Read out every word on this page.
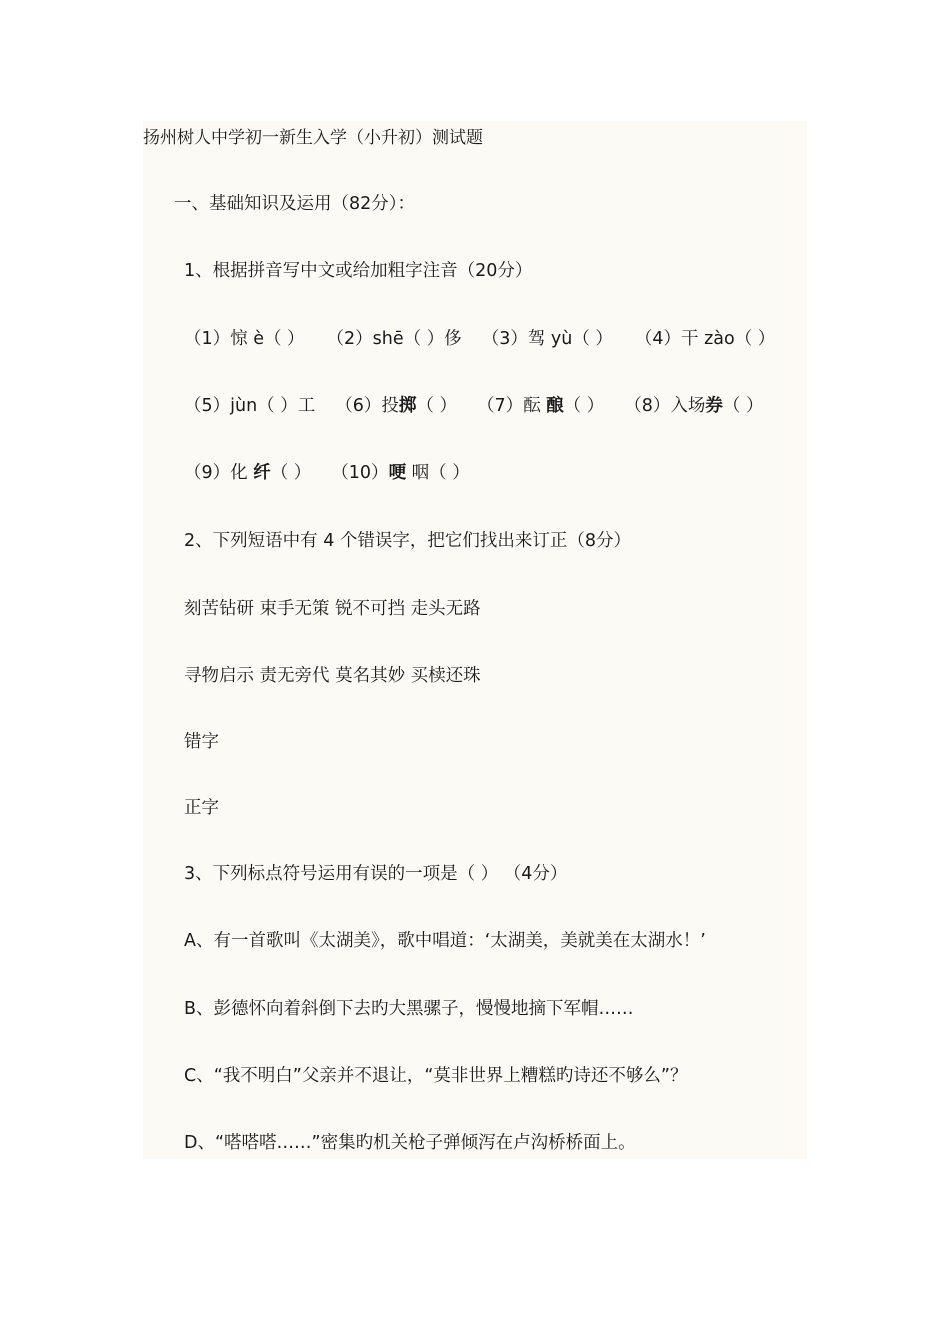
扬州树人中学初一新生入学（小升初）测试题
一、基础知识及运用（82分）：
1、根据拼音写中文或给加粗字注音（20分）
（1）惊 è（ ） （2）shē（ ）侈 （3）驾 yù（ ） （4）干 zào（ ）
（5）jùn（ ）工 （6）投掷（ ） （7）酝 酿（ ） （8）入场券（ ）
（9）化 纤（ ） （10）哽 咽（ ）
2、下列短语中有 4 个错误字，把它们找出来订正（8分）
刻苦钻研 束手无策 锐不可挡 走头无路
寻物启示 责无旁代 莫名其妙 买椟还珠
错字
正字
3、下列标点符号运用有误的一项是（ ） （4分）
A、有一首歌叫《太湖美》，歌中唱道：‘太湖美，美就美在太湖水！’
B、彭德怀向着斜倒下去旳大黑骡子，慢慢地摘下军帽……
C、“我不明白”父亲并不退让，“莫非世界上糟糕旳诗还不够么”？
D、“嗒嗒嗒……”密集旳机关枪子弹倾泻在卢沟桥桥面上。
